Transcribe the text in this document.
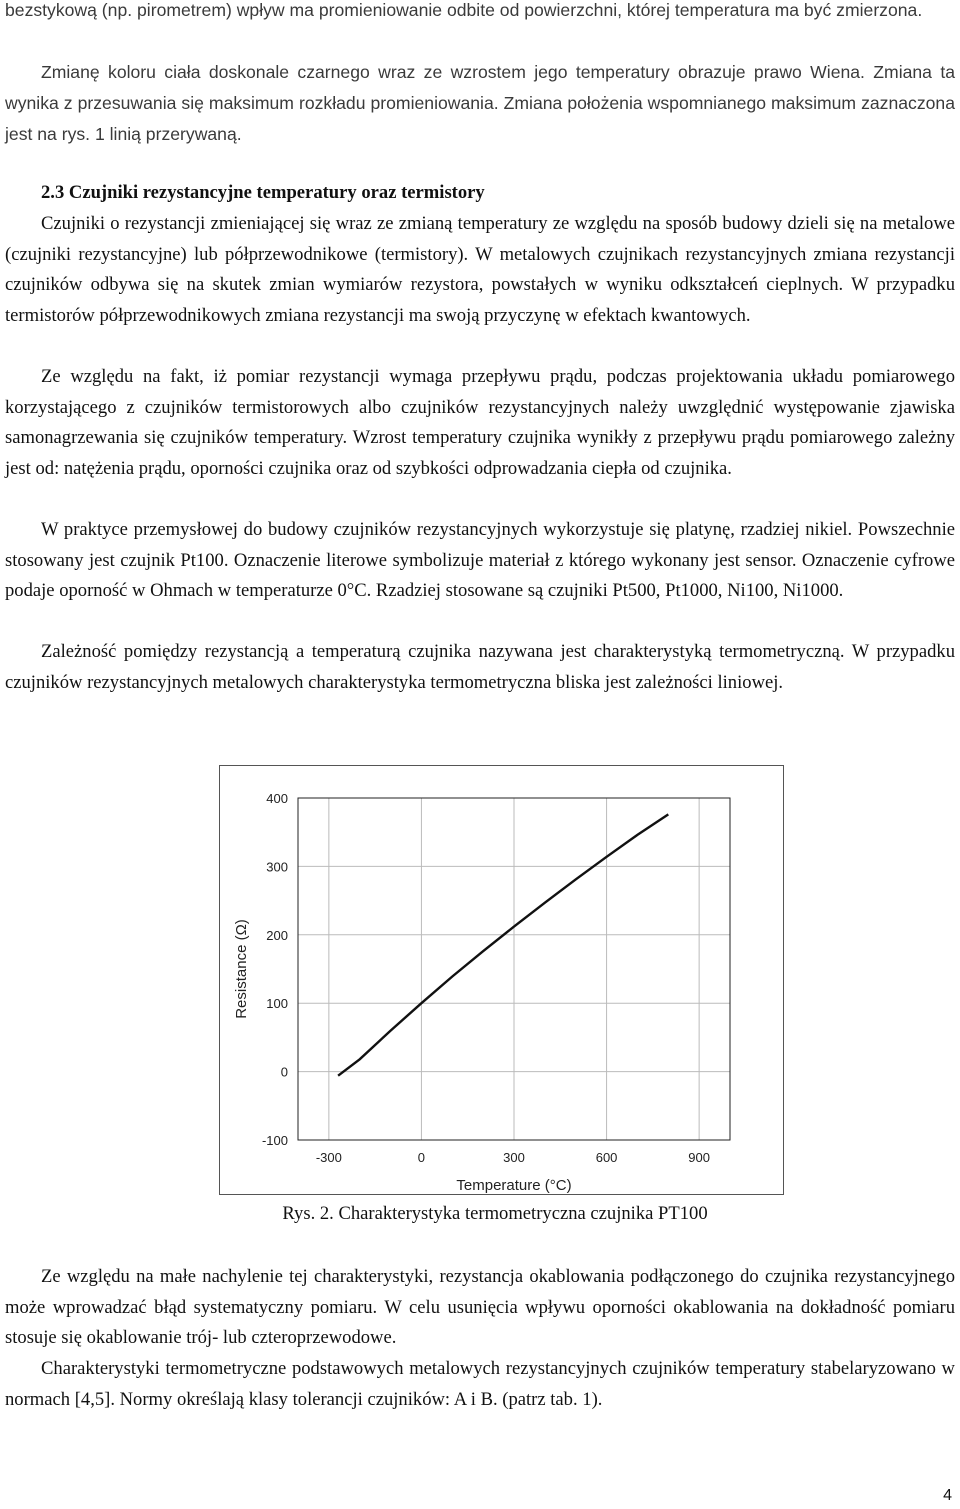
bezstykową (np. pirometrem) wpływ ma promieniowanie odbite od powierzchni, której temperatura ma być zmierzona.
Zmianę koloru ciała doskonale czarnego wraz ze wzrostem jego temperatury obrazuje prawo Wiena. Zmiana ta wynika z przesuwania się maksimum rozkładu promieniowania. Zmiana położenia wspomnianego maksimum zaznaczona jest na rys. 1 linią przerywaną.
2.3 Czujniki rezystancyjne temperatury oraz termistory
Czujniki o rezystancji zmieniającej się wraz ze zmianą temperatury ze względu na sposób budowy dzieli się na metalowe (czujniki rezystancyjne) lub półprzewodnikowe (termistory). W metalowych czujnikach rezystancyjnych zmiana rezystancji czujników odbywa się na skutek zmian wymiarów rezystora, powstałych w wyniku odkształceń cieplnych. W przypadku termistorów półprzewodnikowych zmiana rezystancji ma swoją przyczynę w efektach kwantowych.
Ze względu na fakt, iż pomiar rezystancji wymaga przepływu prądu, podczas projektowania układu pomiarowego korzystającego z czujników termistorowych albo czujników rezystancyjnych należy uwzględnić występowanie zjawiska samonagrzewania się czujników temperatury. Wzrost temperatury czujnika wynikły z przepływu prądu pomiarowego zależny jest od: natężenia prądu, oporności czujnika oraz od szybkości odprowadzania ciepła od czujnika.
W praktyce przemysłowej do budowy czujników rezystancyjnych wykorzystuje się platynę, rzadziej nikiel. Powszechnie stosowany jest czujnik Pt100. Oznaczenie literowe symbolizuje materiał z którego wykonany jest sensor. Oznaczenie cyfrowe podaje oporność w Ohmach w temperaturze 0°C. Rzadziej stosowane są czujniki Pt500, Pt1000, Ni100, Ni1000.
Zależność pomiędzy rezystancją a temperaturą czujnika nazywana jest charakterystyką termometryczną. W przypadku czujników rezystancyjnych metalowych charakterystyka termometryczna bliska jest zależności liniowej.
400
300
200
100
0
-100
-300	0	300	600	900
Resistance (Ω)
Temperature (°C)
Rys. 2. Charakterystyka termometryczna czujnika PT100
Ze względu na małe nachylenie tej charakterystyki, rezystancja okablowania podłączonego do czujnika rezystancyjnego może wprowadzać błąd systematyczny pomiaru. W celu usunięcia wpływu oporności okablowania na dokładność pomiaru stosuje się okablowanie trój- lub czteroprzewodowe.
Charakterystyki termometryczne podstawowych metalowych rezystancyjnych czujników temperatury stabelaryzowano w normach [4,5]. Normy określają klasy tolerancji czujników: A i B. (patrz tab. 1).
4
